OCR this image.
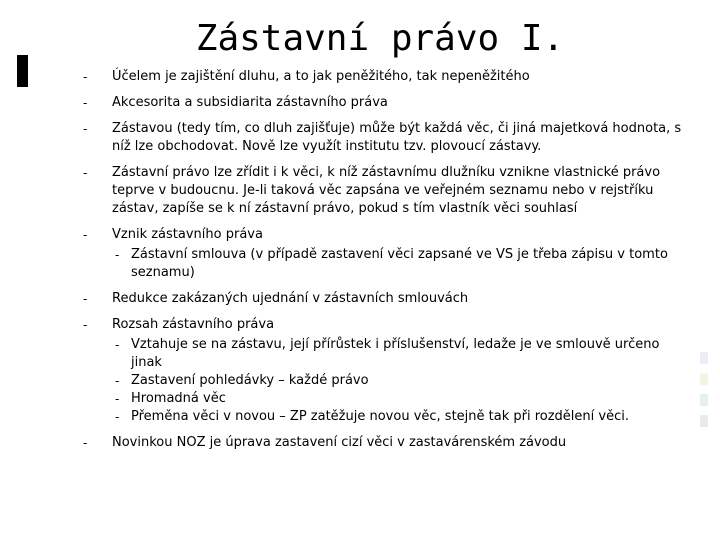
Zástavní právo I.
-	Účelem je zajištění dluhu, a to jak peněžitého, tak nepeněžitého
-	Akcesorita a subsidiarita zástavního práva
-	Zástavou (tedy tím, co dluh zajišťuje) může být každá věc, či jiná majetková hodnota, s níž lze obchodovat. Nově lze využít institutu tzv. plovoucí zástavy.
-	Zástavní právo lze zřídit i k věci, k níž zástavnímu dlužníku vznikne vlastnické právo teprve v budoucnu. Je-li taková věc zapsána ve veřejném seznamu nebo v rejstříku zástav, zapíše se k ní zástavní právo, pokud s tím vlastník věci souhlasí
-	Vznik zástavního práva
- Zástavní smlouva (v případě zastavení věci zapsané ve VS je třeba zápisu v tomto seznamu)
-	Redukce zakázaných ujednání v zástavních smlouvách
-	Rozsah zástavního práva
- Vztahuje se na zástavu, její přírůstek i příslušenství, ledaže je ve smlouvě určeno jinak
- Zastavení pohledávky – každé právo
- Hromadná věc
- Přeměna věci v novou – ZP zatěžuje novou věc, stejně tak při rozdělení věci.
-	Novinkou NOZ je úprava zastavení cizí věci v zastavárenském závodu
